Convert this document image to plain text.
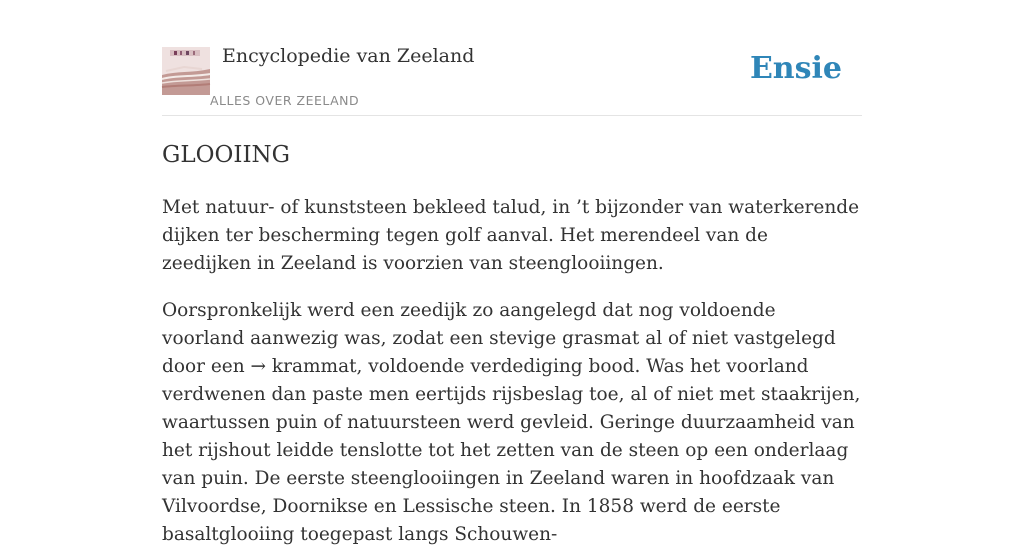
Encyclopedie van Zeeland
ALLES OVER ZEELAND
Ensie
GLOOIING

Met natuur- of kunststeen bekleed talud, in ’t bijzonder van waterkerende dijken ter bescherming tegen golf aanval. Het merendeel van de zeedijken in Zeeland is voorzien van steenglooiingen.

Oorspronkelijk werd een zeedijk zo aangelegd dat nog voldoende voorland aanwezig was, zodat een stevige grasmat al of niet vastgelegd door een → krammat, voldoende verdediging bood. Was het voorland verdwenen dan paste men eertijds rijsbeslag toe, al of niet met staakrijen, waartussen puin of natuursteen werd gevleid. Geringe duurzaamheid van het rijshout leidde tenslotte tot het zetten van de steen op een onderlaag van puin. De eerste steenglooiingen in Zeeland waren in hoofdzaak van Vilvoordse, Doornikse en Lessische steen. In 1858 werd de eerste basaltglooiing toegepast langs Schouwen-
